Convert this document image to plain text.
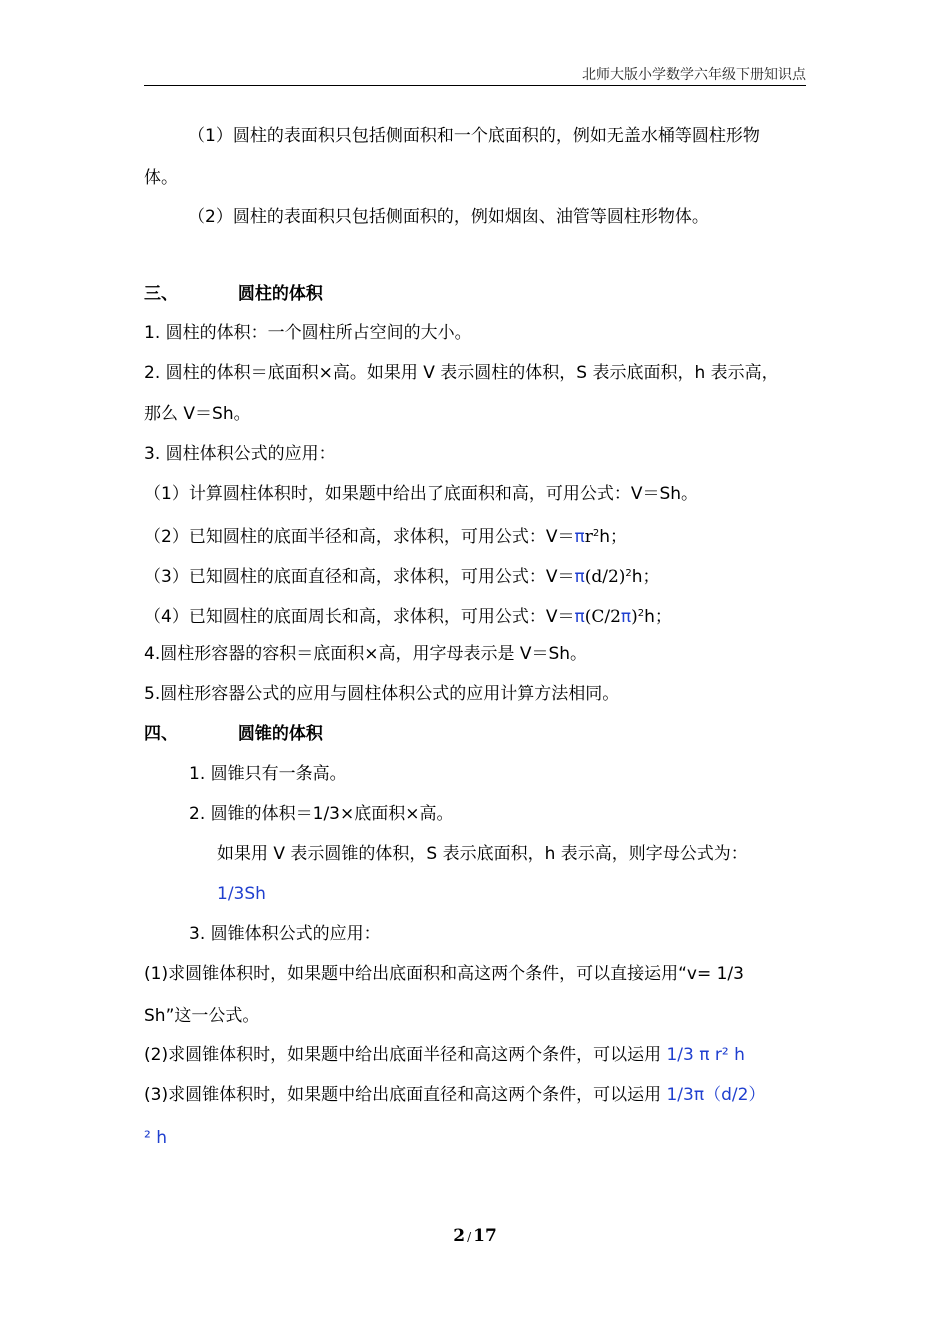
北师大版小学数学六年级下册知识点
（1）圆柱的表面积只包括侧面积和一个底面积的，例如无盖水桶等圆柱形物
体。
（2）圆柱的表面积只包括侧面积的，例如烟囱、油管等圆柱形物体。
三、	圆柱的体积
1. 圆柱的体积：一个圆柱所占空间的大小。
2. 圆柱的体积＝底面积×高。如果用 V 表示圆柱的体积，S 表示底面积，h 表示高，
那么 V＝Sh。
3. 圆柱体积公式的应用：
（1）计算圆柱体积时，如果题中给出了底面积和高，可用公式：V＝Sh。
（2）已知圆柱的底面半径和高，求体积，可用公式：$V=\pi r^2h$；
（3）已知圆柱的底面直径和高，求体积，可用公式：$V=\pi(d/2)^2h$；
（4）已知圆柱的底面周长和高，求体积，可用公式：$V=\pi(C/2\pi)^2h$；
4.圆柱形容器的容积＝底面积×高，用字母表示是 V＝Sh。
5.圆柱形容器公式的应用与圆柱体积公式的应用计算方法相同。
四、	圆锥的体积
1. 圆锥只有一条高。
2. 圆锥的体积＝1/3×底面积×高。
如果用 V 表示圆锥的体积，S 表示底面积，h 表示高，则字母公式为：
1/3Sh
3. 圆锥体积公式的应用：
(1)求圆锥体积时，如果题中给出底面积和高这两个条件，可以直接运用“v= 1/3
Sh”这一公式。
(2)求圆锥体积时，如果题中给出底面半径和高这两个条件，可以运用 1/3 π r² h
(3)求圆锥体积时，如果题中给出底面直径和高这两个条件，可以运用 1/3π（d/2）
² h
2 / 17
